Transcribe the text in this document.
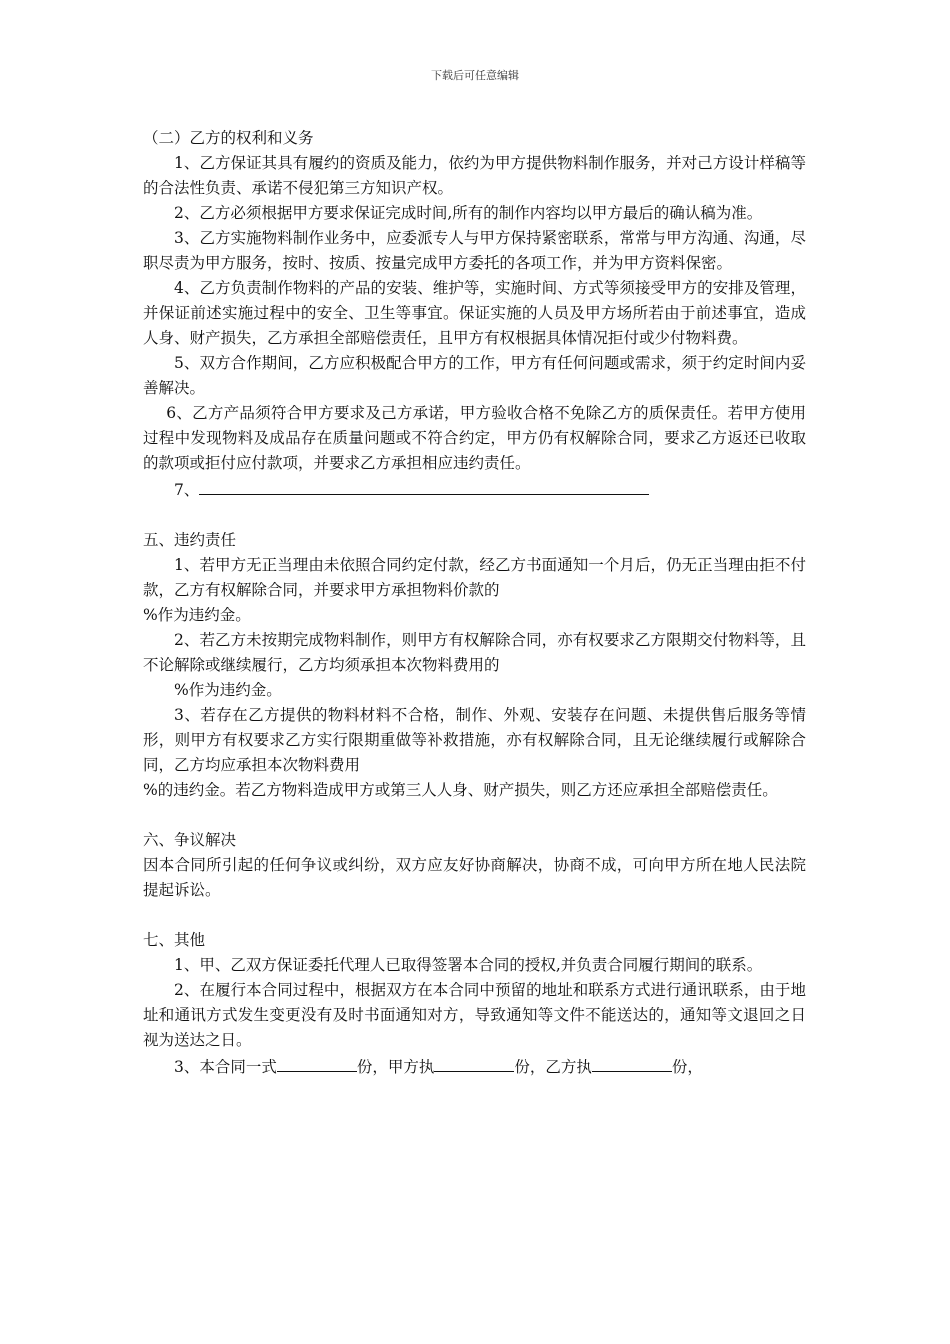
下载后可任意编辑
（二）乙方的权利和义务

1、乙方保证其具有履约的资质及能力，依约为甲方提供物料制作服务，并对己方设计样稿等的合法性负责、承诺不侵犯第三方知识产权。

2、乙方必须根据甲方要求保证完成时间,所有的制作内容均以甲方最后的确认稿为准。

3、乙方实施物料制作业务中，应委派专人与甲方保持紧密联系，常常与甲方沟通、沟通，尽职尽责为甲方服务，按时、按质、按量完成甲方委托的各项工作，并为甲方资料保密。

4、乙方负责制作物料的产品的安装、维护等，实施时间、方式等须接受甲方的安排及管理，并保证前述实施过程中的安全、卫生等事宜。保证实施的人员及甲方场所若由于前述事宜，造成人身、财产损失，乙方承担全部赔偿责任，且甲方有权根据具体情况拒付或少付物料费。

5、双方合作期间，乙方应积极配合甲方的工作，甲方有任何问题或需求，须于约定时间内妥善解决。

6、乙方产品须符合甲方要求及己方承诺，甲方验收合格不免除乙方的质保责任。若甲方使用过程中发现物料及成品存在质量问题或不符合约定，甲方仍有权解除合同，要求乙方返还已收取的款项或拒付应付款项，并要求乙方承担相应违约责任。

7、

五、违约责任

1、若甲方无正当理由未依照合同约定付款，经乙方书面通知一个月后，仍无正当理由拒不付款，乙方有权解除合同，并要求甲方承担物料价款的

%作为违约金。

2、若乙方未按期完成物料制作，则甲方有权解除合同，亦有权要求乙方限期交付物料等，且不论解除或继续履行，乙方均须承担本次物料费用的

%作为违约金。

3、若存在乙方提供的物料材料不合格，制作、外观、安装存在问题、未提供售后服务等情形，则甲方有权要求乙方实行限期重做等补救措施，亦有权解除合同，且无论继续履行或解除合同，乙方均应承担本次物料费用

%的违约金。若乙方物料造成甲方或第三人人身、财产损失，则乙方还应承担全部赔偿责任。

六、争议解决

因本合同所引起的任何争议或纠纷，双方应友好协商解决，协商不成，可向甲方所在地人民法院提起诉讼。

七、其他

1、甲、乙双方保证委托代理人已取得签署本合同的授权,并负责合同履行期间的联系。

2、在履行本合同过程中，根据双方在本合同中预留的地址和联系方式进行通讯联系，由于地址和通讯方式发生变更没有及时书面通知对方，导致通知等文件不能送达的，通知等文退回之日视为送达之日。

3、本合同一式	份，甲方执	份，乙方执	份，
